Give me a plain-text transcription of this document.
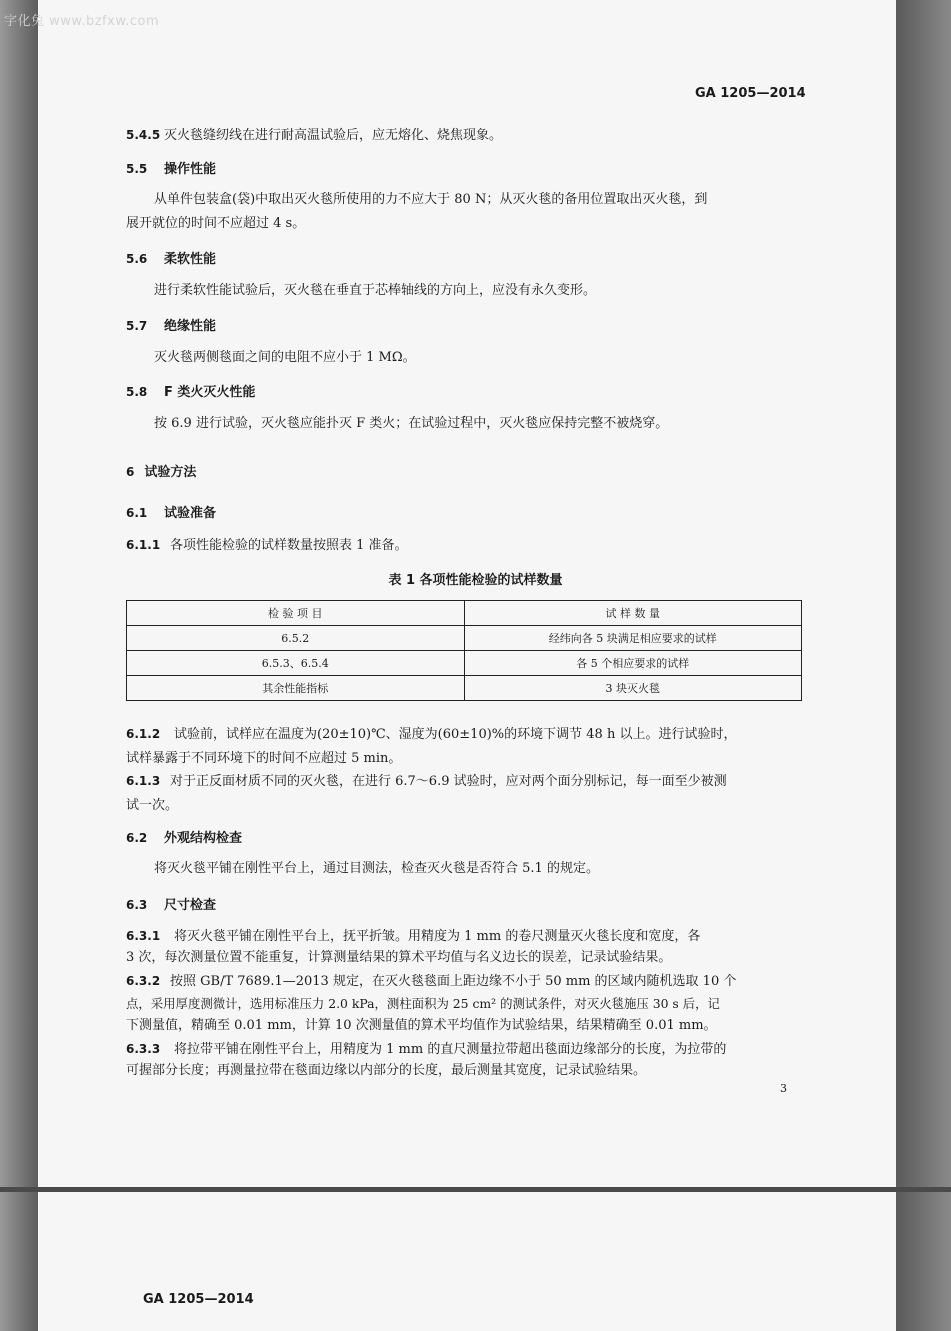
字化兔 www.bzfxw.com
GA 1205—2014
5.4.5 灭火毯缝纫线在进行耐高温试验后，应无熔化、烧焦现象。
5.5 操作性能
从单件包装盒(袋)中取出灭火毯所使用的力不应大于 80 N；从灭火毯的备用位置取出灭火毯，到
展开就位的时间不应超过 4 s。
5.6 柔软性能
进行柔软性能试验后，灭火毯在垂直于芯棒轴线的方向上，应没有永久变形。
5.7 绝缘性能
灭火毯两侧毯面之间的电阻不应小于 1 MΩ。
5.8 F 类火灭火性能
按 6.9 进行试验，灭火毯应能扑灭 F 类火；在试验过程中，灭火毯应保持完整不被烧穿。
6 试验方法
6.1 试验准备
6.1.1 各项性能检验的试样数量按照表 1 准备。
表 1 各项性能检验的试样数量
检 验 项 目	试 样 数 量
6.5.2	经纬向各 5 块满足相应要求的试样
6.5.3、6.5.4	各 5 个相应要求的试样
其余性能指标	3 块灭火毯
6.1.2 试验前，试样应在温度为(20±10)℃、湿度为(60±10)%的环境下调节 48 h 以上。进行试验时，
试样暴露于不同环境下的时间不应超过 5 min。
6.1.3 对于正反面材质不同的灭火毯，在进行 6.7～6.9 试验时，应对两个面分别标记，每一面至少被测
试一次。
6.2 外观结构检查
将灭火毯平铺在刚性平台上，通过目测法，检查灭火毯是否符合 5.1 的规定。
6.3 尺寸检查
6.3.1 将灭火毯平铺在刚性平台上，抚平折皱。用精度为 1 mm 的卷尺测量灭火毯长度和宽度，各
3 次，每次测量位置不能重复，计算测量结果的算术平均值与名义边长的误差，记录试验结果。
6.3.2 按照 GB/T 7689.1—2013 规定，在灭火毯毯面上距边缘不小于 50 mm 的区域内随机选取 10 个
点，采用厚度测微计，选用标准压力 2.0 kPa，测柱面积为 25 cm² 的测试条件，对灭火毯施压 30 s 后，记
下测量值，精确至 0.01 mm，计算 10 次测量值的算术平均值作为试验结果，结果精确至 0.01 mm。
6.3.3 将拉带平铺在刚性平台上，用精度为 1 mm 的直尺测量拉带超出毯面边缘部分的长度，为拉带的
可握部分长度；再测量拉带在毯面边缘以内部分的长度，最后测量其宽度，记录试验结果。
3
GA 1205—2014
